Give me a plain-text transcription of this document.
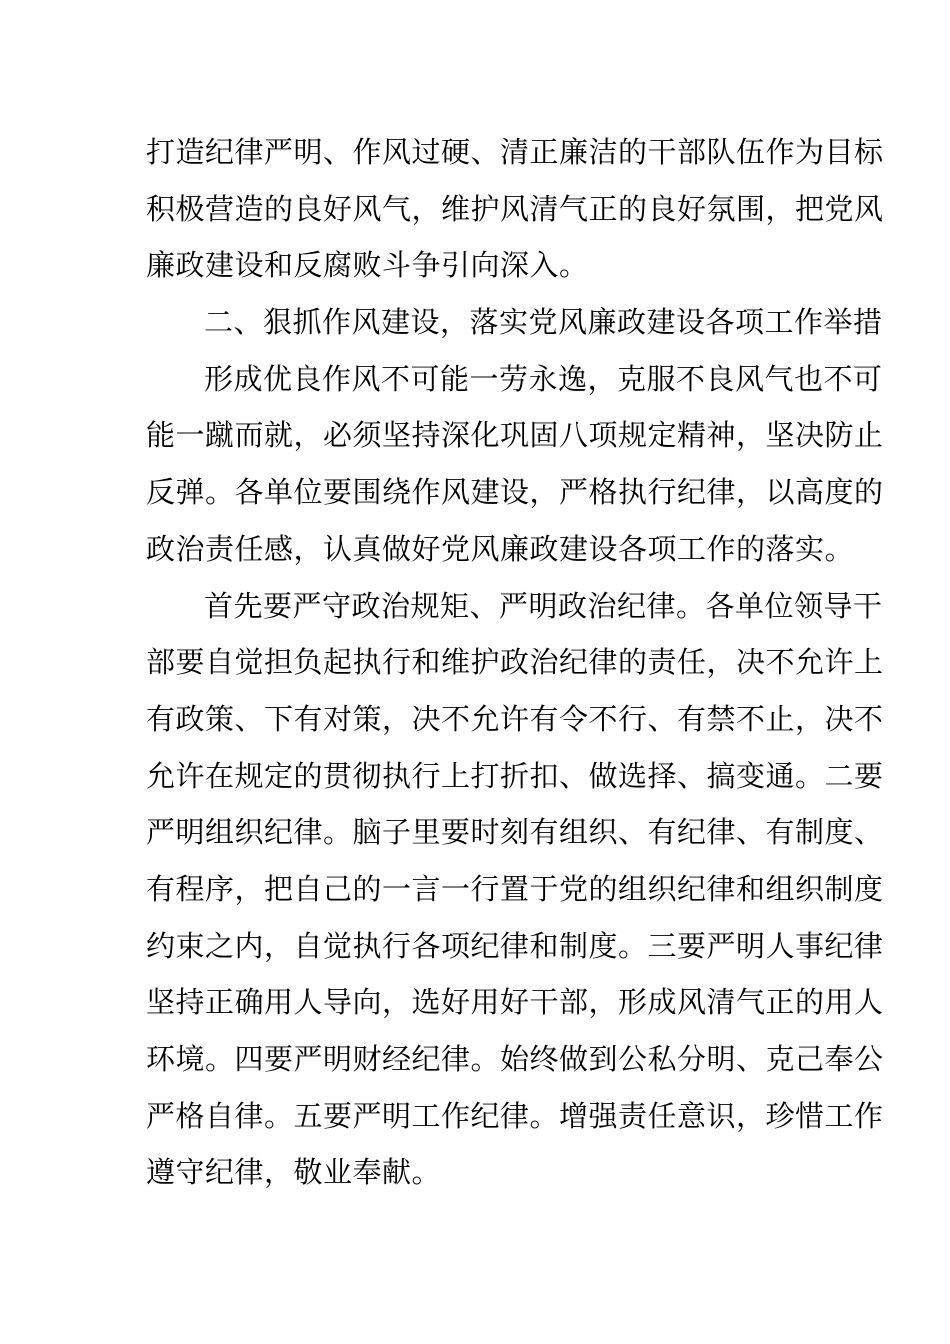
打造纪律严明、作风过硬、清正廉洁的干部队伍作为目标
积极营造的良好风气，维护风清气正的良好氛围，把党风
廉政建设和反腐败斗争引向深入。
二、狠抓作风建设，落实党风廉政建设各项工作举措
形成优良作风不可能一劳永逸，克服不良风气也不可
能一蹴而就，必须坚持深化巩固八项规定精神，坚决防止
反弹。各单位要围绕作风建设，严格执行纪律，以高度的
政治责任感，认真做好党风廉政建设各项工作的落实。
首先要严守政治规矩、严明政治纪律。各单位领导干
部要自觉担负起执行和维护政治纪律的责任，决不允许上
有政策、下有对策，决不允许有令不行、有禁不止，决不
允许在规定的贯彻执行上打折扣、做选择、搞变通。二要
严明组织纪律。脑子里要时刻有组织、有纪律、有制度、
有程序，把自己的一言一行置于党的组织纪律和组织制度
约束之内，自觉执行各项纪律和制度。三要严明人事纪律
坚持正确用人导向，选好用好干部，形成风清气正的用人
环境。四要严明财经纪律。始终做到公私分明、克己奉公
严格自律。五要严明工作纪律。增强责任意识，珍惜工作
遵守纪律，敬业奉献。
